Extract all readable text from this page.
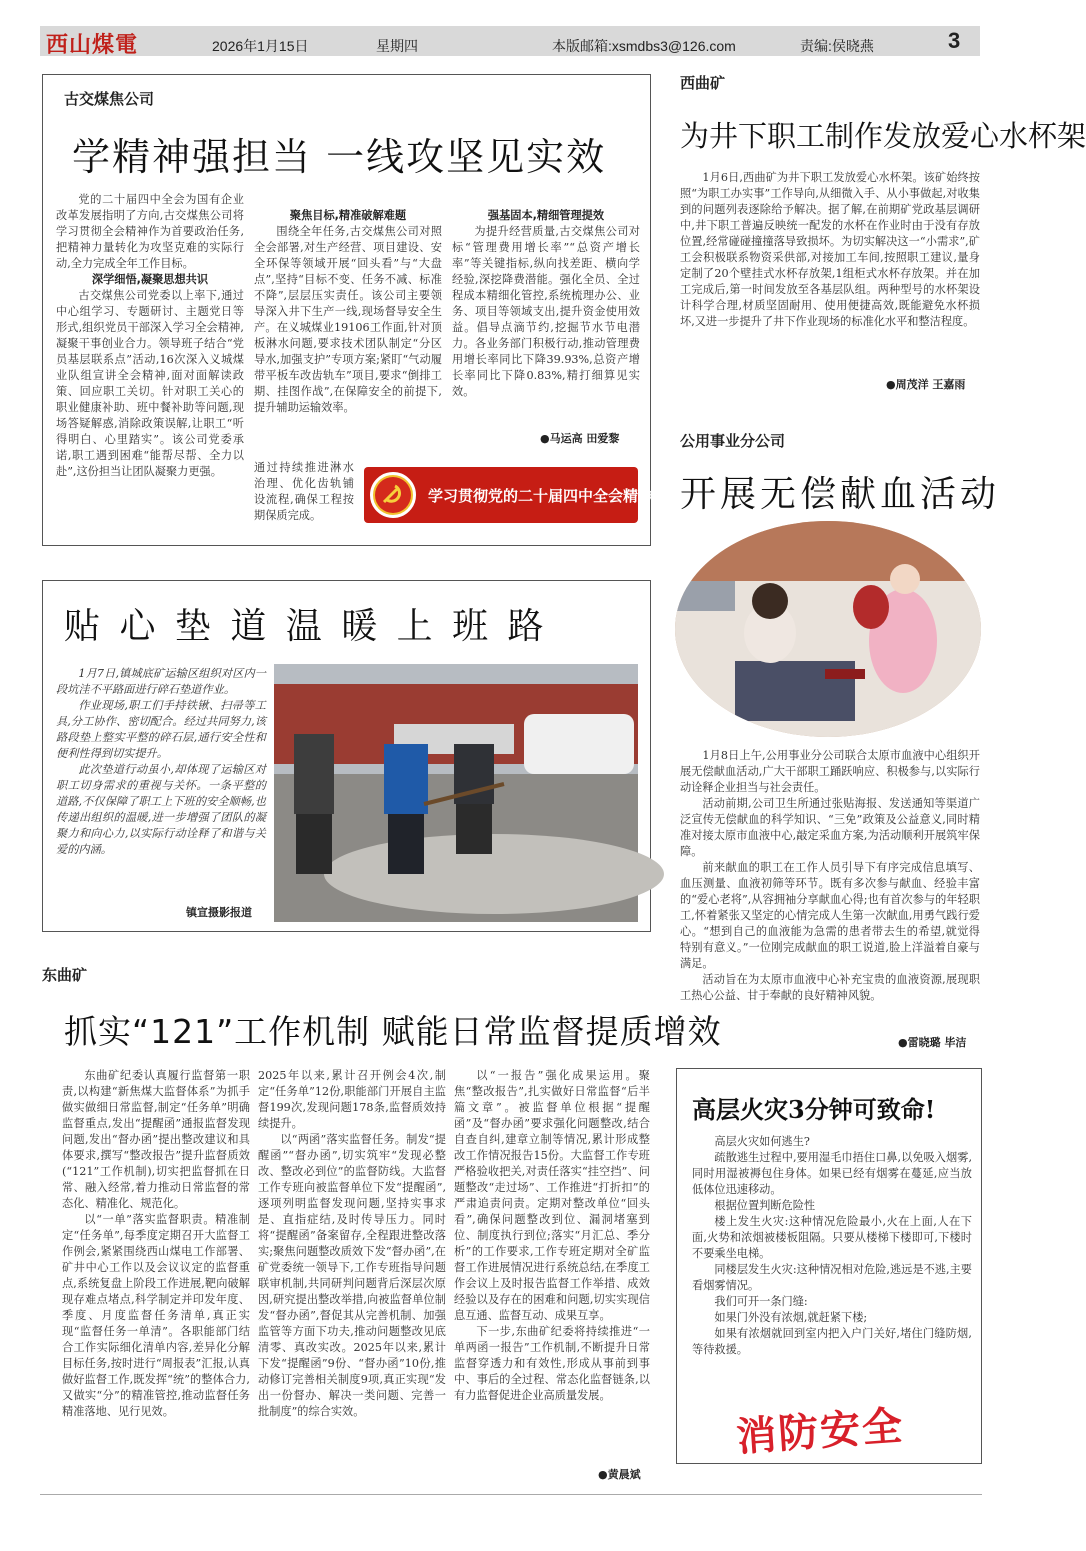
西山煤電	2026年1月15日	星期四	本版邮箱:xsmdbs3@126.com	责编:侯晓燕	3
古交煤焦公司
学精神强担当 一线攻坚见实效

党的二十届四中全会为国有企业改革发展指明了方向,古交煤焦公司将学习贯彻全会精神作为首要政治任务,把精神力量转化为攻坚克难的实际行动,全力完成全年工作目标。

深学细悟,凝聚思想共识

古交煤焦公司党委以上率下,通过中心组学习、专题研讨、主题党日等形式,组织党员干部深入学习全会精神,凝聚干事创业合力。领导班子结合“党员基层联系点”活动,16次深入义城煤业队组宣讲全会精神,面对面解读政策、回应职工关切。针对职工关心的职业健康补助、班中餐补助等问题,现场答疑解惑,消除政策误解,让职工“听得明白、心里踏实”。该公司党委承诺,职工遇到困难“能帮尽帮、全力以赴”,这份担当让团队凝聚力更强。

聚焦目标,精准破解难题

围绕全年任务,古交煤焦公司对照全会部署,对生产经营、项目建设、安全环保等领域开展“回头看”与“大盘点”,坚持“目标不变、任务不减、标准不降”,层层压实责任。该公司主要领导深入井下生产一线,现场督导安全生产。在义城煤业19106工作面,针对顶板淋水问题,要求技术团队制定“分区导水,加强支护”专项方案;紧盯“气动履带平板车改齿轨车”项目,要求“倒排工期、挂图作战”,在保障安全的前提下,提升辅助运输效率。

通过持续推进淋水治理、优化齿轨铺设流程,确保工程按期保质完成。

强基固本,精细管理提效

为提升经营质量,古交煤焦公司对标“管理费用增长率”“总资产增长率”等关键指标,纵向找差距、横向学经验,深挖降费潜能。强化全员、全过程成本精细化管控,系统梳理办公、业务、项目等领域支出,提升资金使用效益。倡导点滴节约,挖掘节水节电潜力。各业务部门积极行动,推动管理费用增长率同比下降39.93%,总资产增长率同比下降0.83%,精打细算见实效。

●马运高 田爱黎
学习贯彻党的二十届四中全会精神
西曲矿
为井下职工制作发放爱心水杯架

1月6日,西曲矿为井下职工发放爱心水杯架。该矿始终按照“为职工办实事”工作导向,从细微入手、从小事做起,对收集到的问题列表逐除给予解决。据了解,在前期矿党政基层调研中,井下职工普遍反映统一配发的水杯在作业时由于没有存放位置,经常碰碰撞撞落导致损坏。为切实解决这一“小需求”,矿工会积极联系物资采供部,对接加工车间,按照职工建议,量身定制了20个壁挂式水杯存放架,1组柜式水杯存放架。并在加工完成后,第一时间发放至各基层队组。两种型号的水杯架设计科学合理,材质坚固耐用、使用便捷高效,既能避免水杯损坏,又进一步提升了井下作业现场的标准化水平和整洁程度。

●周茂洋 王嘉雨
公用事业分公司
开展无偿献血活动

1月8日上午,公用事业分公司联合太原市血液中心组织开展无偿献血活动,广大干部职工踊跃响应、积极参与,以实际行动诠释企业担当与社会责任。

活动前期,公司卫生所通过张贴海报、发送通知等渠道广泛宣传无偿献血的科学知识、“三免”政策及公益意义,同时精准对接太原市血液中心,敲定采血方案,为活动顺利开展筑牢保障。

前来献血的职工在工作人员引导下有序完成信息填写、血压测量、血液初筛等环节。既有多次参与献血、经验丰富的“爱心老将”,从容拥袖分享献血心得;也有首次参与的年轻职工,怀着紧张又坚定的心情完成人生第一次献血,用勇气践行爱心。“想到自己的血液能为急需的患者带去生的希望,就觉得特别有意义。”一位刚完成献血的职工说道,脸上洋溢着自豪与满足。

活动旨在为太原市血液中心补充宝贵的血液资源,展现职工热心公益、甘于奉献的良好精神风貌。

●雷晓璐 毕洁
贴 心 垫 道 温 暖 上 班 路

1月7日,镇城底矿运输区组织对区内一段坑洼不平路面进行碎石垫道作业。

作业现场,职工们手持铁锹、扫帚等工具,分工协作、密切配合。经过共同努力,该路段垫上整实平整的碎石层,通行安全性和便利性得到切实提升。

此次垫道行动虽小,却体现了运输区对职工切身需求的重视与关怀。一条平整的道路,不仅保障了职工上下班的安全顺畅,也传递出组织的温暖,进一步增强了团队的凝聚力和向心力,以实际行动诠释了和谐与关爱的内涵。

镇宣摄影报道
东曲矿
抓实“121”工作机制 赋能日常监督提质增效

东曲矿纪委认真履行监督第一职责,以构建“新焦煤大监督体系”为抓手做实做细日常监督,制定“任务单”明确监督重点,发出“提醒函”通报监督发现问题,发出“督办函”提出整改建议和具体要求,撰写“整改报告”提升监督质效(“121”工作机制),切实把监督抓在日常、融入经常,着力推动日常监督的常态化、精准化、规范化。

以“一单”落实监督职责。精准制定“任务单”,每季度定期召开大监督工作例会,紧紧围绕西山煤电工作部署、矿井中心工作以及会议议定的监督重点,系统复盘上阶段工作进展,靶向破解现存难点堵点,科学制定并印发年度、季度、月度监督任务清单,真正实现“监督任务一单清”。各职能部门结合工作实际细化清单内容,差异化分解目标任务,按时进行“周报表”汇报,认真做好监督工作,既发挥“统”的整体合力,又做实“分”的精准管控,推动监督任务精准落地、见行见效。

2025年以来,累计召开例会4次,制定“任务单”12份,职能部门开展自主监督199次,发现问题178条,监督质效持续提升。

以“两函”落实监督任务。制发“提醒函”“督办函”,切实筑牢“发现必整改、整改必到位”的监督防线。大监督工作专班向被监督单位下发“提醒函”,逐项列明监督发现问题,坚持实事求是、直指症结,及时传导压力。同时将“提醒函”备案留存,全程跟进整改落实;聚焦问题整改质效下发“督办函”,在矿党委统一领导下,工作专班指导问题联审机制,共同研判问题背后深层次原因,研究提出整改举措,向被监督单位制发“督办函”,督促其从完善机制、加强监管等方面下功夫,推动问题整改见底清零、真改实改。2025年以来,累计下发“提醒函”9份、“督办函”10份,推动修订完善相关制度9项,真正实现“发出一份督办、解决一类问题、完善一批制度”的综合实效。

以“一报告”强化成果运用。聚焦“整改报告”,扎实做好日常监督“后半篇文章”。被监督单位根据“提醒函”及“督办函”要求强化问题整改,结合自查自纠,建章立制等情况,累计形成整改工作情况报告15份。大监督工作专班严格验收把关,对责任落实“挂空挡”、问题整改“走过场”、工作推进“打折扣”的严肃追责问责。定期对整改单位“回头看”,确保问题整改到位、漏洞堵塞到位、制度执行到位;落实“月汇总、季分析”的工作要求,工作专班定期对全矿监督工作进展情况进行系统总结,在季度工作会议上及时报告监督工作举措、成效经验以及存在的困难和问题,切实实现信息互通、监督互动、成果互享。

下一步,东曲矿纪委将持续推进“一单两函一报告”工作机制,不断提升日常监督穿透力和有效性,形成从事前到事中、事后的全过程、常态化监督链条,以有力监督促进企业高质量发展。

●黄晨斌
高层火灾3分钟可致命!

高层火灾如何逃生?

疏散逃生过程中,要用湿毛巾捂住口鼻,以免吸入烟雾,同时用湿被褥包住身体。如果已经有烟雾在蔓延,应当放低体位迅速移动。

根据位置判断危险性

楼上发生火灾:这种情况危险最小,火在上面,人在下面,火势和浓烟被楼板阻隔。只要从楼梯下楼即可,下楼时不要乘坐电梯。

同楼层发生火灾:这种情况相对危险,逃远是不逃,主要看烟雾情况。

我们可开一条门缝:

如果门外没有浓烟,就赶紧下楼;

如果有浓烟就回到室内把入户门关好,堵住门缝防烟,等待救援。

消防安全
